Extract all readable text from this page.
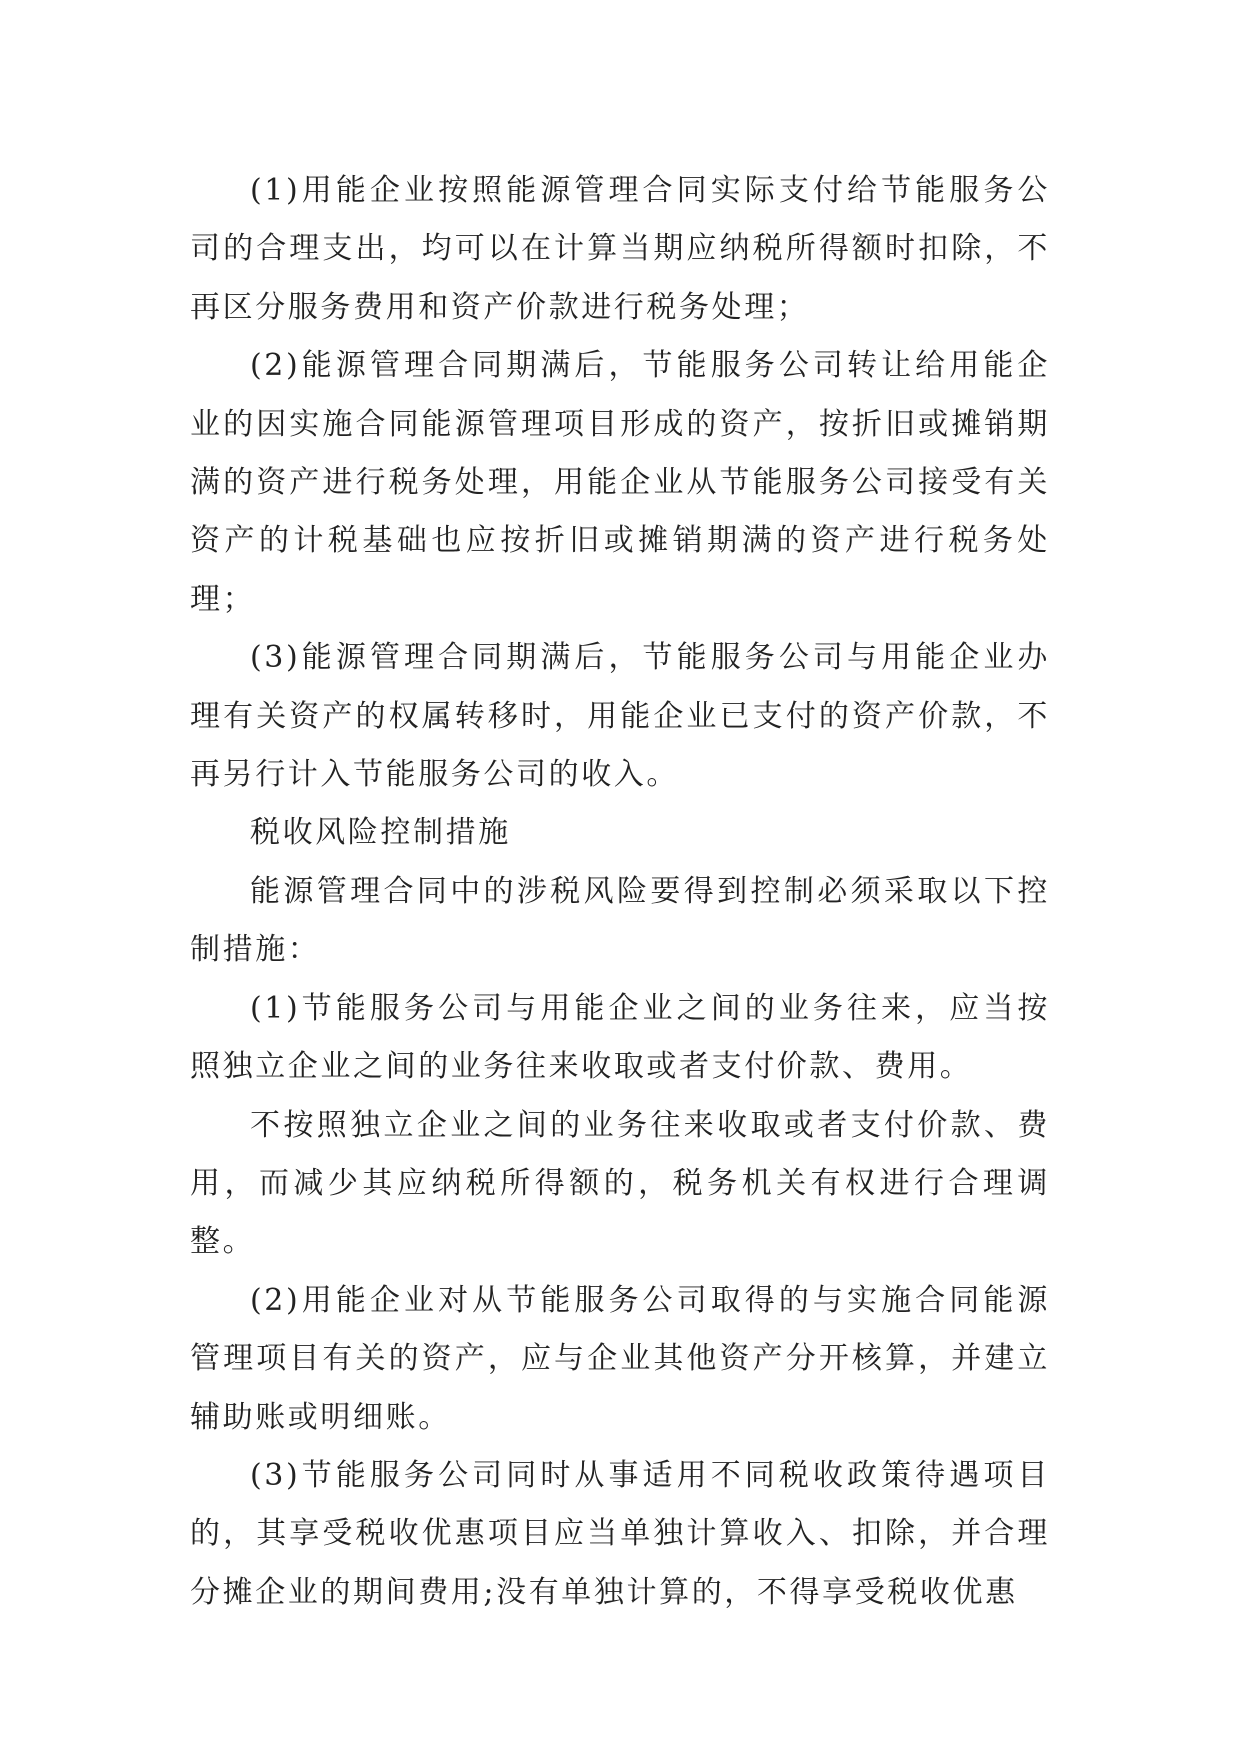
(1)用能企业按照能源管理合同实际支付给节能服务公司的合理支出，均可以在计算当期应纳税所得额时扣除，不再区分服务费用和资产价款进行税务处理；

(2)能源管理合同期满后，节能服务公司转让给用能企业的因实施合同能源管理项目形成的资产，按折旧或摊销期满的资产进行税务处理，用能企业从节能服务公司接受有关资产的计税基础也应按折旧或摊销期满的资产进行税务处理；

(3)能源管理合同期满后，节能服务公司与用能企业办理有关资产的权属转移时，用能企业已支付的资产价款，不再另行计入节能服务公司的收入。

税收风险控制措施

能源管理合同中的涉税风险要得到控制必须采取以下控制措施：

(1)节能服务公司与用能企业之间的业务往来，应当按照独立企业之间的业务往来收取或者支付价款、费用。

不按照独立企业之间的业务往来收取或者支付价款、费用，而减少其应纳税所得额的，税务机关有权进行合理调整。

(2)用能企业对从节能服务公司取得的与实施合同能源管理项目有关的资产，应与企业其他资产分开核算，并建立辅助账或明细账。

(3)节能服务公司同时从事适用不同税收政策待遇项目的，其享受税收优惠项目应当单独计算收入、扣除，并合理分摊企业的期间费用;没有单独计算的，不得享受税收优惠
